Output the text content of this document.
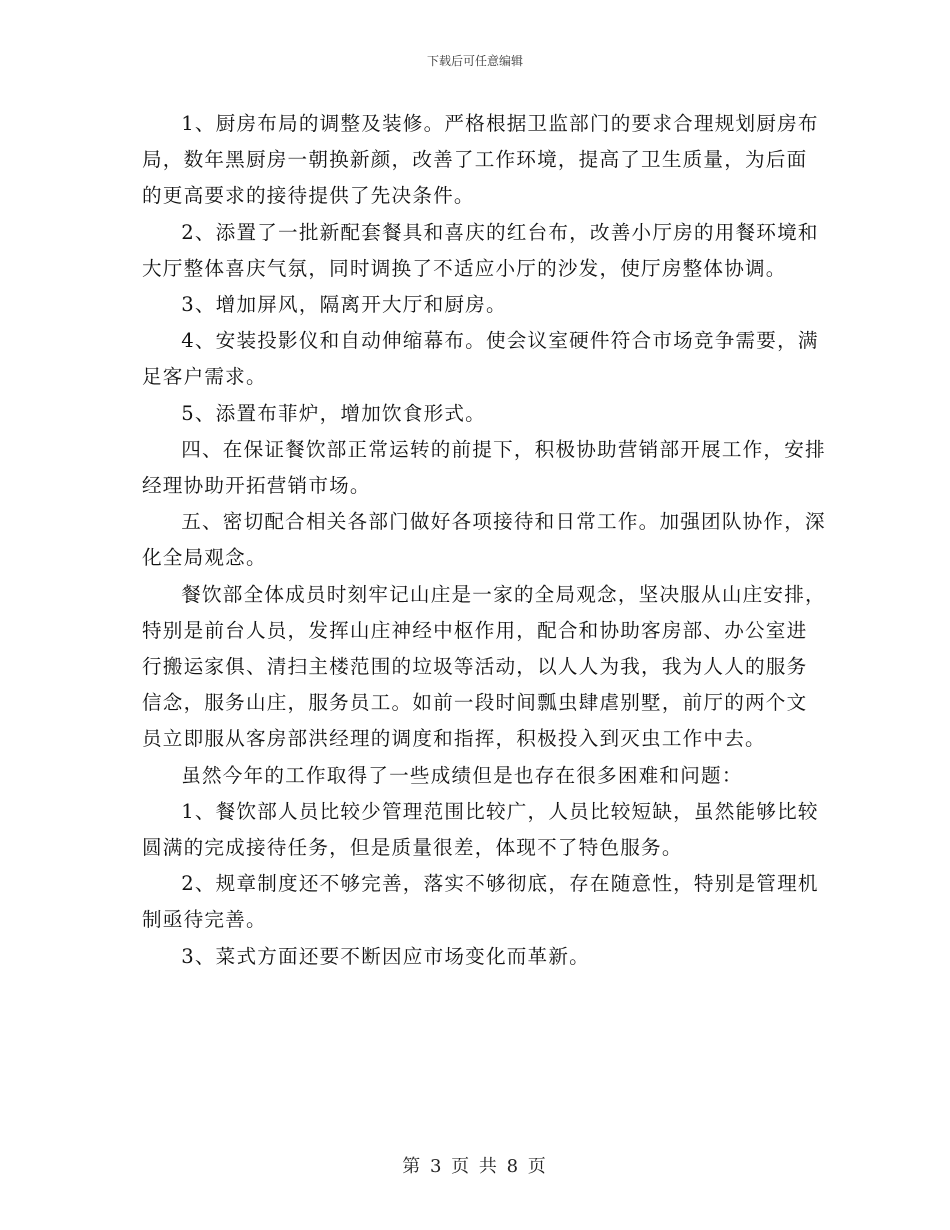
下载后可任意编辑

1、厨房布局的调整及装修。严格根据卫监部门的要求合理规划厨房布局，数年黑厨房一朝换新颜，改善了工作环境，提高了卫生质量，为后面的更高要求的接待提供了先决条件。

2、添置了一批新配套餐具和喜庆的红台布，改善小厅房的用餐环境和大厅整体喜庆气氛，同时调换了不适应小厅的沙发，使厅房整体协调。

3、增加屏风，隔离开大厅和厨房。

4、安装投影仪和自动伸缩幕布。使会议室硬件符合市场竞争需要，满足客户需求。

5、添置布菲炉，增加饮食形式。

四、在保证餐饮部正常运转的前提下，积极协助营销部开展工作，安排经理协助开拓营销市场。

五、密切配合相关各部门做好各项接待和日常工作。加强团队协作，深化全局观念。

餐饮部全体成员时刻牢记山庄是一家的全局观念，坚决服从山庄安排，特别是前台人员，发挥山庄神经中枢作用，配合和协助客房部、办公室进行搬运家俱、清扫主楼范围的垃圾等活动，以人人为我，我为人人的服务信念，服务山庄，服务员工。如前一段时间瓢虫肆虐别墅，前厅的两个文员立即服从客房部洪经理的调度和指挥，积极投入到灭虫工作中去。

虽然今年的工作取得了一些成绩但是也存在很多困难和问题：

1、餐饮部人员比较少管理范围比较广，人员比较短缺，虽然能够比较圆满的完成接待任务，但是质量很差，体现不了特色服务。

2、规章制度还不够完善，落实不够彻底，存在随意性，特别是管理机制亟待完善。

3、菜式方面还要不断因应市场变化而革新。

第 3 页 共 8 页
